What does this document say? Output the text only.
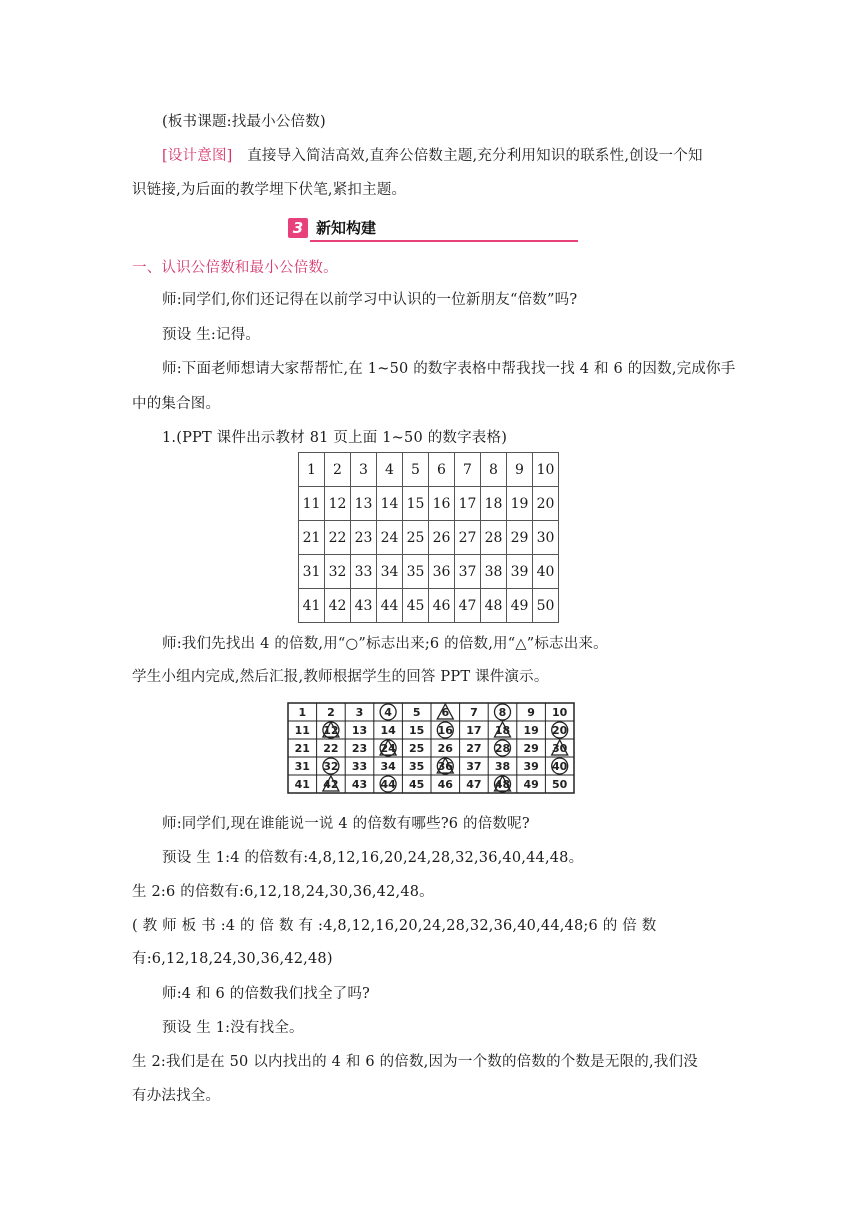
(板书课题:找最小公倍数)
[设计意图]　直接导入简洁高效,直奔公倍数主题,充分利用知识的联系性,创设一个知
识链接,为后面的教学埋下伏笔,紧扣主题。
3 新知构建
一、认识公倍数和最小公倍数。
师:同学们,你们还记得在以前学习中认识的一位新朋友“倍数”吗?
预设 生:记得。
师:下面老师想请大家帮帮忙,在 1~50 的数字表格中帮我找一找 4 和 6 的因数,完成你手
中的集合图。
1.(PPT 课件出示教材 81 页上面 1~50 的数字表格)
1	2	3	4	5	6	7	8	9	10
11	12	13	14	15	16	17	18	19	20
21	22	23	24	25	26	27	28	29	30
31	32	33	34	35	36	37	38	39	40
41	42	43	44	45	46	47	48	49	50
师:我们先找出 4 的倍数,用“○”标志出来;6 的倍数,用“△”标志出来。
学生小组内完成,然后汇报,教师根据学生的回答 PPT 课件演示。
1 2 3 4 5 6 7 8 9 10
11 12 13 14 15 16 17 18 19 20
21 22 23 24 25 26 27 28 29 30
31 32 33 34 35 36 37 38 39 40
41 42 43 44 45 46 47 48 49 50
师:同学们,现在谁能说一说 4 的倍数有哪些?6 的倍数呢?
预设 生 1:4 的倍数有:4,8,12,16,20,24,28,32,36,40,44,48。
生 2:6 的倍数有:6,12,18,24,30,36,42,48。
( 教 师 板 书 :4 的 倍 数 有 :4,8,12,16,20,24,28,32,36,40,44,48;6 的 倍 数
有:6,12,18,24,30,36,42,48)
师:4 和 6 的倍数我们找全了吗?
预设 生 1:没有找全。
生 2:我们是在 50 以内找出的 4 和 6 的倍数,因为一个数的倍数的个数是无限的,我们没
有办法找全。
